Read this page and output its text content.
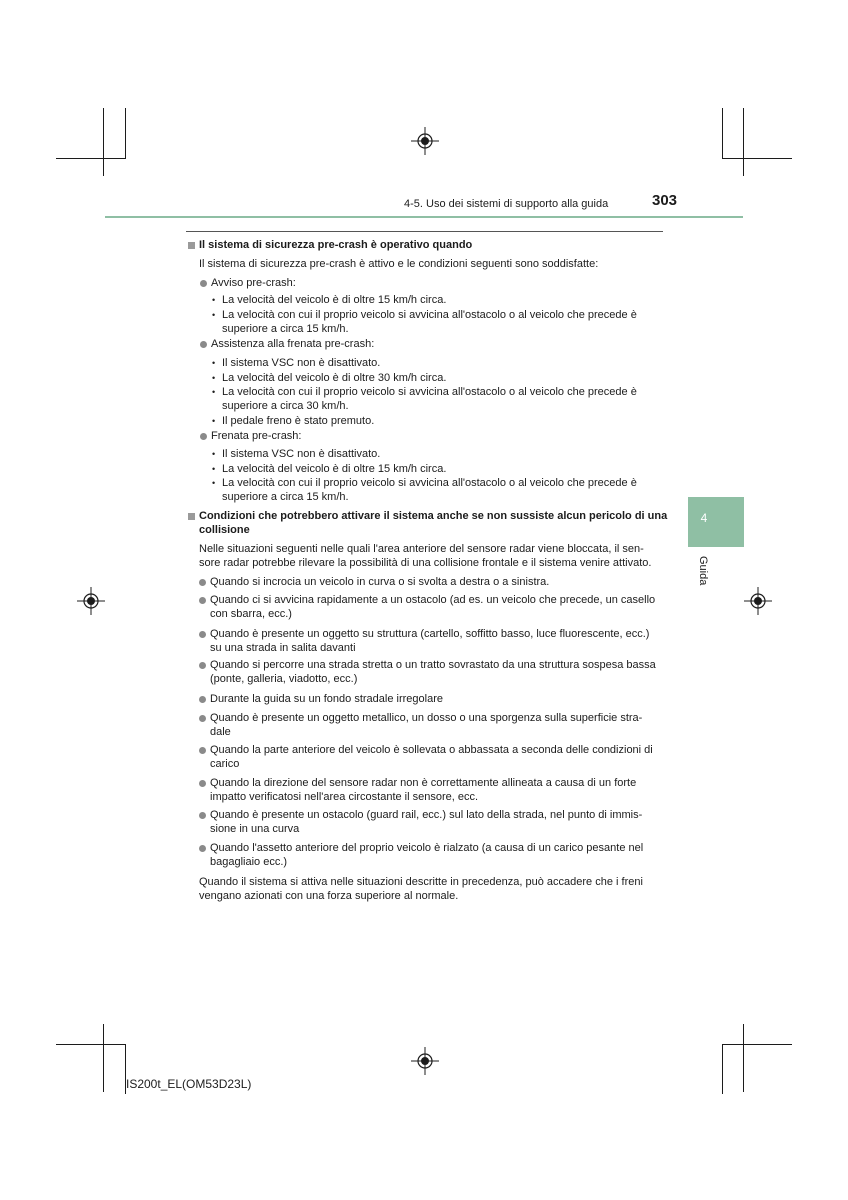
4-5. Uso dei sistemi di supporto alla guida	303
4
Guida
Il sistema di sicurezza pre-crash è operativo quando
Il sistema di sicurezza pre-crash è attivo e le condizioni seguenti sono soddisfatte:
Avviso pre-crash:
• La velocità del veicolo è di oltre 15 km/h circa.
• La velocità con cui il proprio veicolo si avvicina all'ostacolo o al veicolo che precede è
superiore a circa 15 km/h.
Assistenza alla frenata pre-crash:
• Il sistema VSC non è disattivato.
• La velocità del veicolo è di oltre 30 km/h circa.
• La velocità con cui il proprio veicolo si avvicina all'ostacolo o al veicolo che precede è
superiore a circa 30 km/h.
• Il pedale freno è stato premuto.
Frenata pre-crash:
• Il sistema VSC non è disattivato.
• La velocità del veicolo è di oltre 15 km/h circa.
• La velocità con cui il proprio veicolo si avvicina all'ostacolo o al veicolo che precede è
superiore a circa 15 km/h.
Condizioni che potrebbero attivare il sistema anche se non sussiste alcun pericolo di una
collisione
Nelle situazioni seguenti nelle quali l'area anteriore del sensore radar viene bloccata, il sen-
sore radar potrebbe rilevare la possibilità di una collisione frontale e il sistema venire attivato.
Quando si incrocia un veicolo in curva o si svolta a destra o a sinistra.
Quando ci si avvicina rapidamente a un ostacolo (ad es. un veicolo che precede, un casello
con sbarra, ecc.)
Quando è presente un oggetto su struttura (cartello, soffitto basso, luce fluorescente, ecc.)
su una strada in salita davanti
Quando si percorre una strada stretta o un tratto sovrastato da una struttura sospesa bassa
(ponte, galleria, viadotto, ecc.)
Durante la guida su un fondo stradale irregolare
Quando è presente un oggetto metallico, un dosso o una sporgenza sulla superficie stra-
dale
Quando la parte anteriore del veicolo è sollevata o abbassata a seconda delle condizioni di
carico
Quando la direzione del sensore radar non è correttamente allineata a causa di un forte
impatto verificatosi nell'area circostante il sensore, ecc.
Quando è presente un ostacolo (guard rail, ecc.) sul lato della strada, nel punto di immis-
sione in una curva
Quando l'assetto anteriore del proprio veicolo è rialzato (a causa di un carico pesante nel
bagagliaio ecc.)
Quando il sistema si attiva nelle situazioni descritte in precedenza, può accadere che i freni
vengano azionati con una forza superiore al normale.
IS200t_EL(OM53D23L)
